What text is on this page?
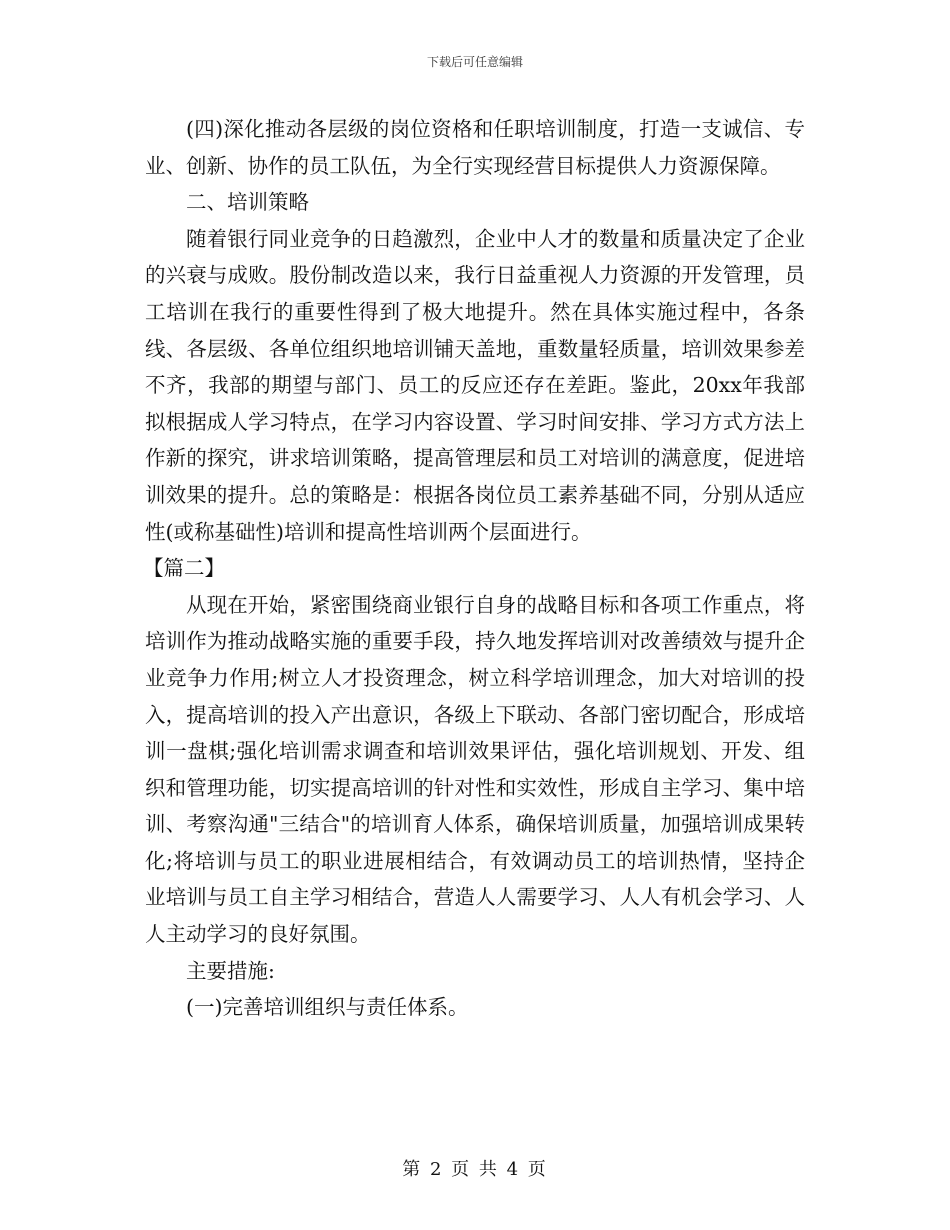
下载后可任意编辑

(四)深化推动各层级的岗位资格和任职培训制度，打造一支诚信、专业、创新、协作的员工队伍，为全行实现经营目标提供人力资源保障。

二、培训策略

随着银行同业竞争的日趋激烈，企业中人才的数量和质量决定了企业的兴衰与成败。股份制改造以来，我行日益重视人力资源的开发管理，员工培训在我行的重要性得到了极大地提升。然在具体实施过程中，各条线、各层级、各单位组织地培训铺天盖地，重数量轻质量，培训效果参差不齐，我部的期望与部门、员工的反应还存在差距。鉴此，20xx年我部拟根据成人学习特点，在学习内容设置、学习时间安排、学习方式方法上作新的探究，讲求培训策略，提高管理层和员工对培训的满意度，促进培训效果的提升。总的策略是：根据各岗位员工素养基础不同，分别从适应性(或称基础性)培训和提高性培训两个层面进行。

【篇二】

从现在开始，紧密围绕商业银行自身的战略目标和各项工作重点，将培训作为推动战略实施的重要手段，持久地发挥培训对改善绩效与提升企业竞争力作用;树立人才投资理念，树立科学培训理念，加大对培训的投入，提高培训的投入产出意识，各级上下联动、各部门密切配合，形成培训一盘棋;强化培训需求调查和培训效果评估，强化培训规划、开发、组织和管理功能，切实提高培训的针对性和实效性，形成自主学习、集中培训、考察沟通"三结合"的培训育人体系，确保培训质量，加强培训成果转化;将培训与员工的职业进展相结合，有效调动员工的培训热情，坚持企业培训与员工自主学习相结合，营造人人需要学习、人人有机会学习、人人主动学习的良好氛围。

主要措施:

(一)完善培训组织与责任体系。

第 2 页 共 4 页
